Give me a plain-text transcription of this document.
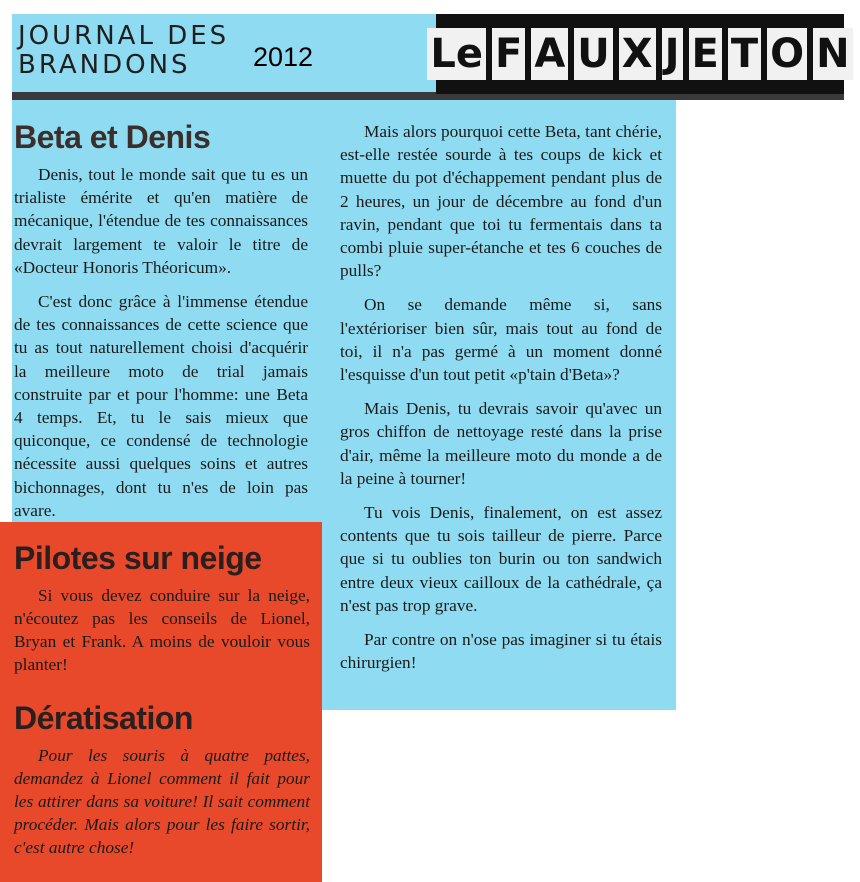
JOURNAL DES
BRANDONS	2012	Le F A U X J E T O N
Beta et Denis

Denis, tout le monde sait que tu es un trialiste émérite et qu'en matière de mécanique, l'étendue de tes connaissances devrait largement te valoir le titre de «Docteur Honoris Théoricum».

C'est donc grâce à l'immense étendue de tes connaissances de cette science que tu as tout naturellement choisi d'acquérir la meilleure moto de trial jamais construite par et pour l'homme: une Beta 4 temps. Et, tu le sais mieux que quiconque, ce condensé de technologie nécessite aussi quelques soins et autres bichonnages, dont tu n'es de loin pas avare.

Mais alors pourquoi cette Beta, tant chérie, est-elle restée sourde à tes coups de kick et muette du pot d'échappement pendant plus de 2 heures, un jour de décembre au fond d'un ravin, pendant que toi tu fermentais dans ta combi pluie super-étanche et tes 6 couches de pulls?

On se demande même si, sans l'extérioriser bien sûr, mais tout au fond de toi, il n'a pas germé à un moment donné l'esquisse d'un tout petit «p'tain d'Beta»?

Mais Denis, tu devrais savoir qu'avec un gros chiffon de nettoyage resté dans la prise d'air, même la meilleure moto du monde a de la peine à tourner!

Tu vois Denis, finalement, on est assez contents que tu sois tailleur de pierre. Parce que si tu oublies ton burin ou ton sandwich entre deux vieux cailloux de la cathédrale, ça n'est pas trop grave.

Par contre on n'ose pas imaginer si tu étais chirurgien!

Pilotes sur neige

Si vous devez conduire sur la neige, n'écoutez pas les conseils de Lionel, Bryan et Frank. A moins de vouloir vous planter!

Dératisation

Pour les souris à quatre pattes, demandez à Lionel comment il fait pour les attirer dans sa voiture! Il sait comment procéder. Mais alors pour les faire sortir, c'est autre chose!
